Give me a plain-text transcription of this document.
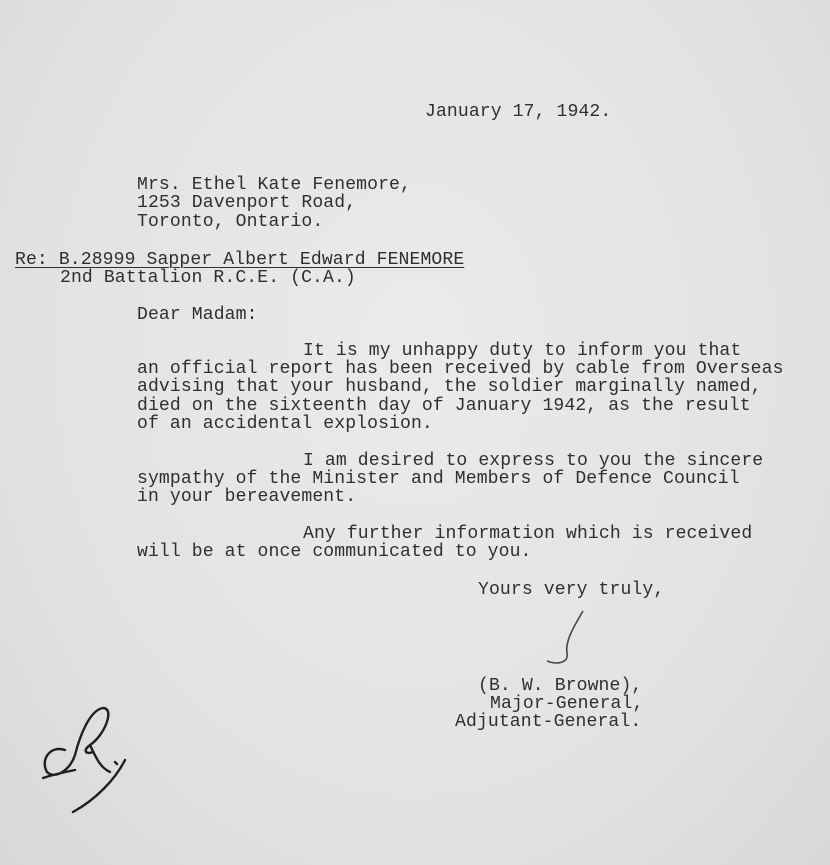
January 17, 1942.
Mrs. Ethel Kate Fenemore,
1253 Davenport Road,
Toronto, Ontario.
Re: B.28999 Sapper Albert Edward FENEMORE
2nd Battalion R.C.E. (C.A.)
Dear Madam:
It is my unhappy duty to inform you that
an official report has been received by cable from Overseas
advising that your husband, the soldier marginally named,
died on the sixteenth day of January 1942, as the result
of an accidental explosion.
I am desired to express to you the sincere
sympathy of the Minister and Members of Defence Council
in your bereavement.
Any further information which is received
will be at once communicated to you.
Yours very truly,
(B. W. Browne),
Major-General,
Adjutant-General.
